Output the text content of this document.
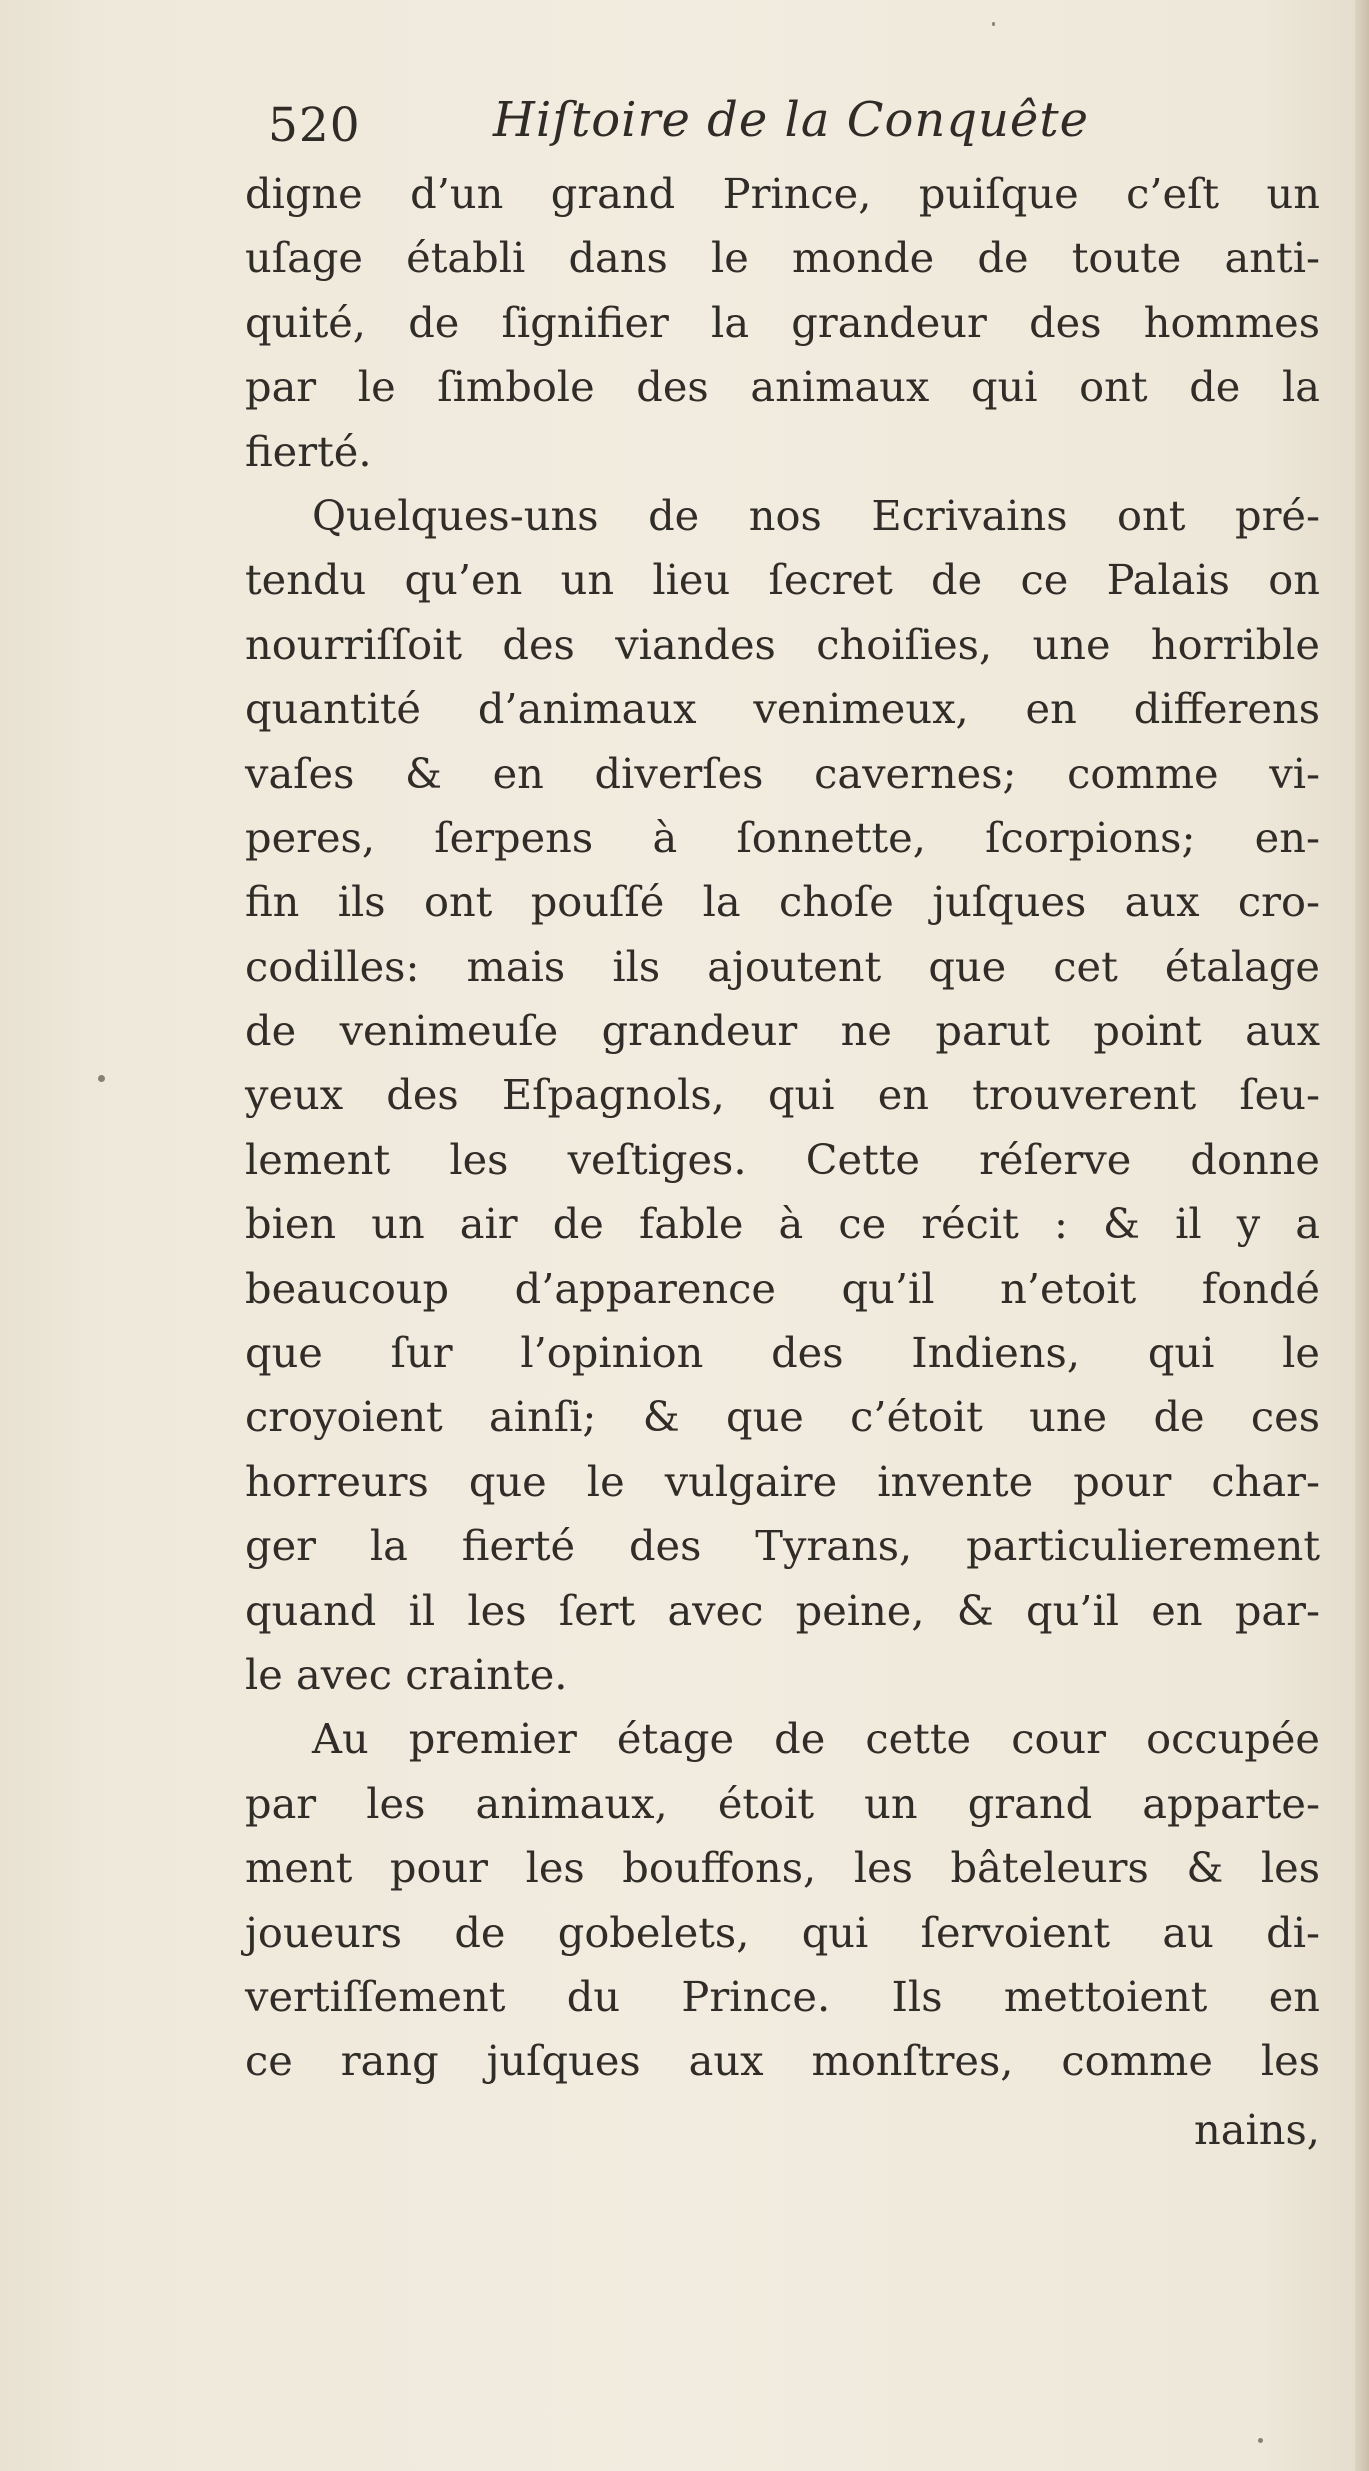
520	Hiſtoire de la Conquête
digne d’un grand Prince, puiſque c’eſt un
uſage établi dans le monde de toute anti-
quité, de ſignifier la grandeur des hommes
par le ſimbole des animaux qui ont de la
fierté.
Quelques-uns de nos Ecrivains ont pré-
tendu qu’en un lieu ſecret de ce Palais on
nourriſſoit des viandes choiſies, une horrible
quantité d’animaux venimeux, en differens
vaſes & en diverſes cavernes; comme vi-
peres, ſerpens à ſonnette, ſcorpions; en-
fin ils ont pouſſé la choſe juſques aux cro-
codilles: mais ils ajoutent que cet étalage
de venimeuſe grandeur ne parut point aux
yeux des Eſpagnols, qui en trouverent ſeu-
lement les veſtiges. Cette réſerve donne
bien un air de fable à ce récit : & il y a
beaucoup d’apparence qu’il n’etoit fondé
que ſur l’opinion des Indiens, qui le
croyoient ainſi; & que c’étoit une de ces
horreurs que le vulgaire invente pour char-
ger la fierté des Tyrans, particulierement
quand il les ſert avec peine, & qu’il en par-
le avec crainte.
Au premier étage de cette cour occupée
par les animaux, étoit un grand apparte-
ment pour les bouffons, les bâteleurs & les
joueurs de gobelets, qui ſervoient au di-
vertiſſement du Prince. Ils mettoient en
ce rang juſques aux monſtres, comme les
nains,
